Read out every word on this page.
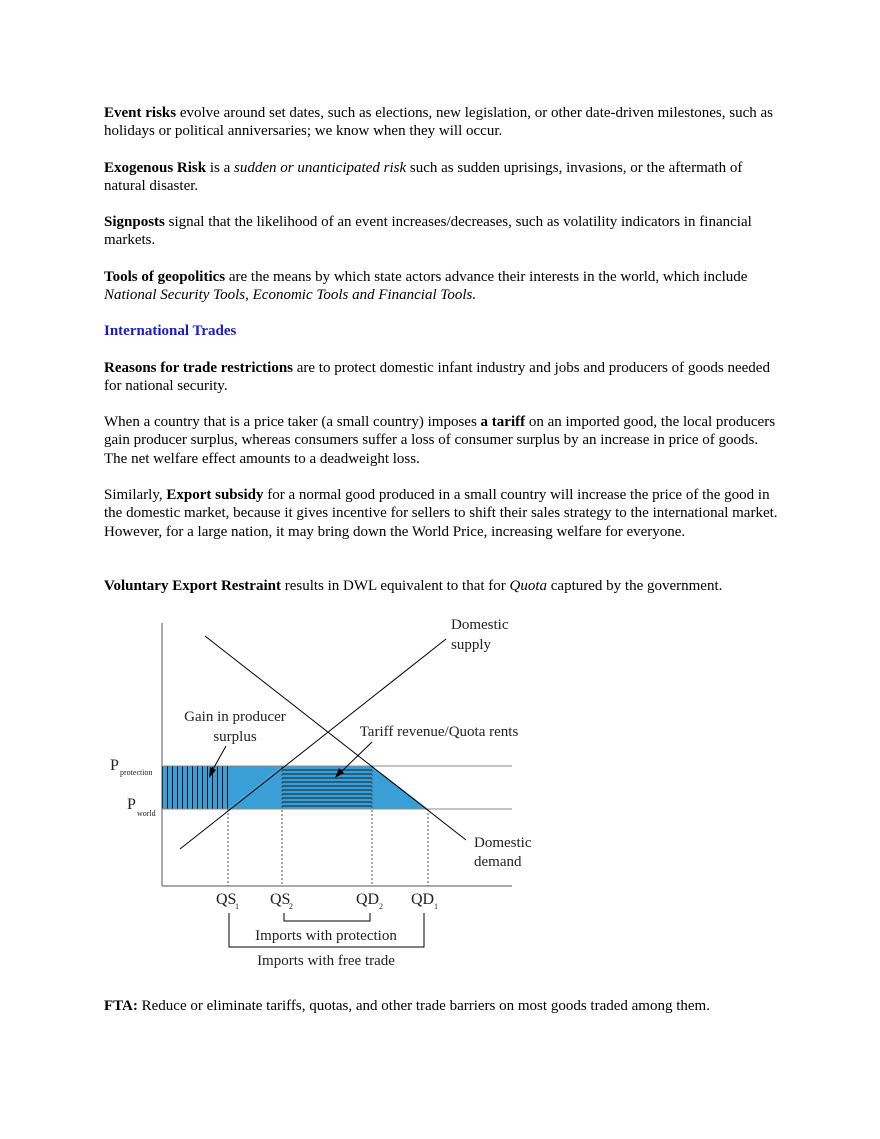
Event risks evolve around set dates, such as elections, new legislation, or other date-driven milestones, such as holidays or political anniversaries; we know when they will occur.
Exogenous Risk is a sudden or unanticipated risk such as sudden uprisings, invasions, or the aftermath of natural disaster.
Signposts signal that the likelihood of an event increases/decreases, such as volatility indicators in financial markets.
Tools of geopolitics are the means by which state actors advance their interests in the world, which include National Security Tools, Economic Tools and Financial Tools.
International Trades
Reasons for trade restrictions are to protect domestic infant industry and jobs and producers of goods needed for national security.
When a country that is a price taker (a small country) imposes a tariff on an imported good, the local producers gain producer surplus, whereas consumers suffer a loss of consumer surplus by an increase in price of goods. The net welfare effect amounts to a deadweight loss.
Similarly, Export subsidy for a normal good produced in a small country will increase the price of the good in the domestic market, because it gives incentive for sellers to shift their sales strategy to the international market. However, for a large nation, it may bring down the World Price, increasing welfare for everyone.
Voluntary Export Restraint results in DWL equivalent to that for Quota captured by the government.
Domestic
supply
Domestic
demand
Gain in producer
surplus	Tariff revenue/Quota rents
P protection
P
world
QS
1 QS
2	QD 2 QD 1
Imports with protection
Imports with free trade
FTA: Reduce or eliminate tariffs, quotas, and other trade barriers on most goods traded among them.
